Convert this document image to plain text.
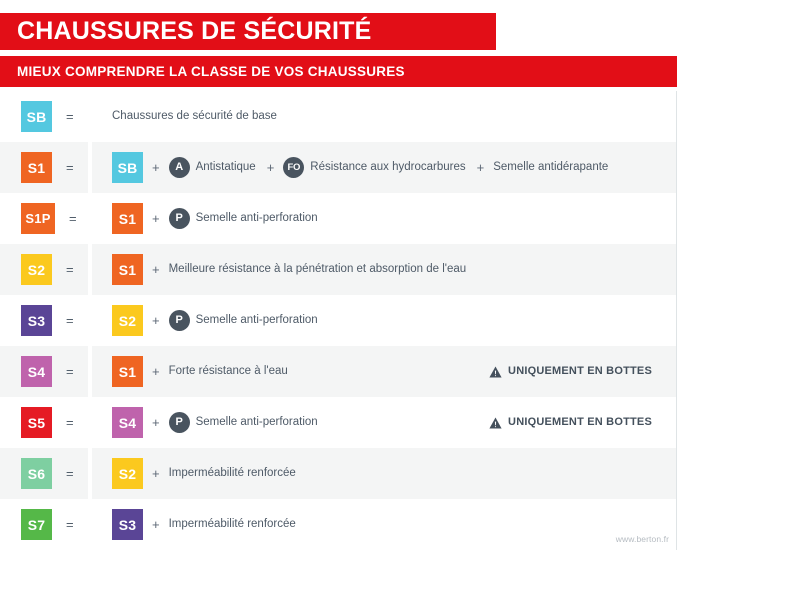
CHAUSSURES DE SÉCURITÉ
MIEUX COMPRENDRE LA CLASSE DE VOS CHAUSSURES
SB	=	Chaussures de sécurité de base
S1	=	SB	+	A	Antistatique +	FO Résistance aux hydrocarbures + Semelle antidérapante
S1P	=	S1	+	P	Semelle anti-perforation
S2	=	S1	+ Meilleure résistance à la pénétration et absorption de l'eau
S3	=	S2	+	P	Semelle anti-perforation
S4	=	S1	+ Forte résistance à l'eau	UNIQUEMENT EN BOTTES
S5	=	S4	+	P	Semelle anti-perforation	UNIQUEMENT EN BOTTES
S6	=	S2	+ Imperméabilité renforcée
S7	=	S3	+ Imperméabilité renforcée
www.berton.fr
